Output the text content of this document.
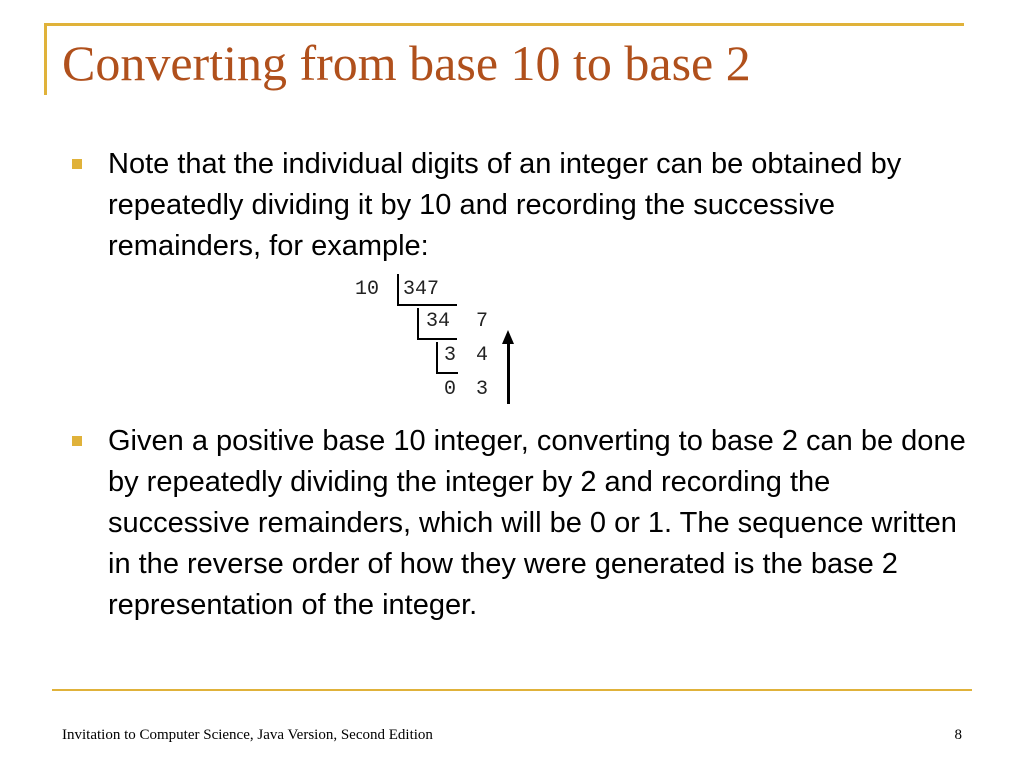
Converting from base 10 to base 2
Note that the individual digits of an integer can be obtained by repeatedly dividing it by 10 and recording the successive remainders, for example:
10 347
34 7
3 4
0 3
Given a positive base 10 integer, converting to base 2 can be done by repeatedly dividing the integer by 2 and recording the successive remainders, which will be 0 or 1. The sequence written in the reverse order of how they were generated is the base 2 representation of the integer.
Invitation to Computer Science, Java Version, Second Edition	8
